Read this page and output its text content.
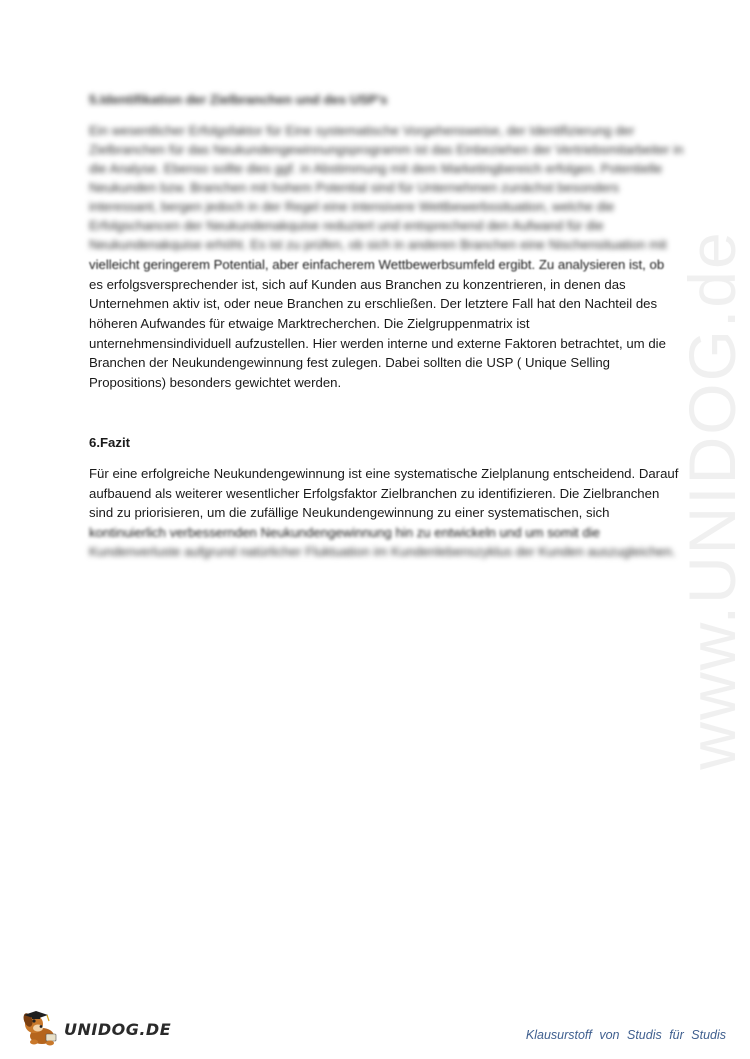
www.UNIDOG.de
5.Identifikation der Zielbranchen und des USP's
Ein wesentlicher Erfolgsfaktor für Eine systematische Vorgehensweise, der Identifizierung der
Zielbranchen für das Neukundengewinnungsprogramm ist das Einbeziehen der Vertriebsmitarbeiter in
die Analyse. Ebenso sollte dies ggf. in Abstimmung mit dem Marketingbereich erfolgen. Potentielle
Neukunden bzw. Branchen mit hohem Potential sind für Unternehmen zunächst besonders
interessant, bergen jedoch in der Regel eine intensivere Wettbewerbssituation, welche die
Erfolgschancen der Neukundenakquise reduziert und entsprechend den Aufwand für die
Neukundenakquise erhöht. Es ist zu prüfen, ob sich in anderen Branchen eine Nischensituation mit
vielleicht geringerem Potential, aber einfacherem Wettbewerbsumfeld ergibt. Zu analysieren ist, ob
es erfolgsversprechender ist, sich auf Kunden aus Branchen zu konzentrieren, in denen das
Unternehmen aktiv ist, oder neue Branchen zu erschließen. Der letztere Fall hat den Nachteil des
höheren Aufwandes für etwaige Marktrecherchen. Die Zielgruppenmatrix ist
unternehmensindividuell aufzustellen. Hier werden interne und externe Faktoren betrachtet, um die
Branchen der Neukundengewinnung fest zulegen. Dabei sollten die USP ( Unique Selling
Propositions) besonders gewichtet werden.
6.Fazit
Für eine erfolgreiche Neukundengewinnung ist eine systematische Zielplanung entscheidend. Darauf
aufbauend als weiterer wesentlicher Erfolgsfaktor Zielbranchen zu identifizieren. Die Zielbranchen
sind zu priorisieren, um die zufällige Neukundengewinnung zu einer systematischen, sich
kontinuierlich verbessernden Neukundengewinnung hin zu entwickeln und um somit die
Kundenverluste aufgrund natürlicher Fluktuation im Kundenlebenszyklus der Kunden auszugleichen.
UNIDOG.DE	Klausurstoff von Studis für Studis
